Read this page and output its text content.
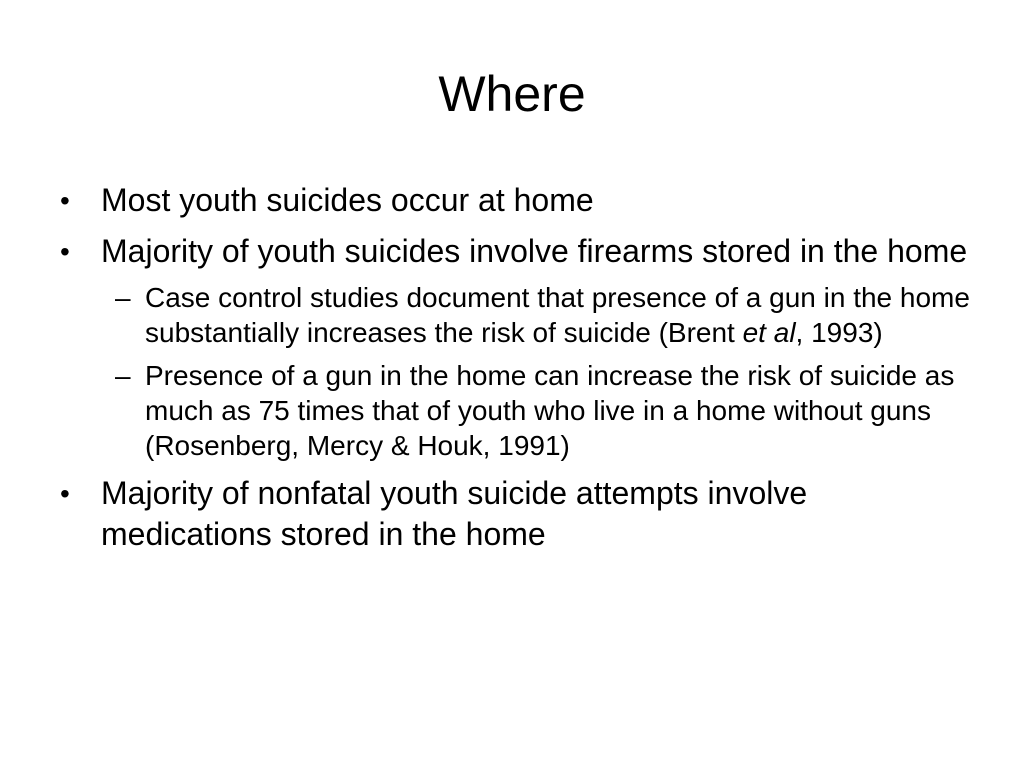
Where
• Most youth suicides occur at home
• Majority of youth suicides involve firearms stored in the home
– Case control studies document that presence of a gun in the home substantially increases the risk of suicide (Brent et al, 1993)
– Presence of a gun in the home can increase the risk of suicide as much as 75 times that of youth who live in a home without guns (Rosenberg, Mercy & Houk, 1991)
• Majority of nonfatal youth suicide attempts involve medications stored in the home
